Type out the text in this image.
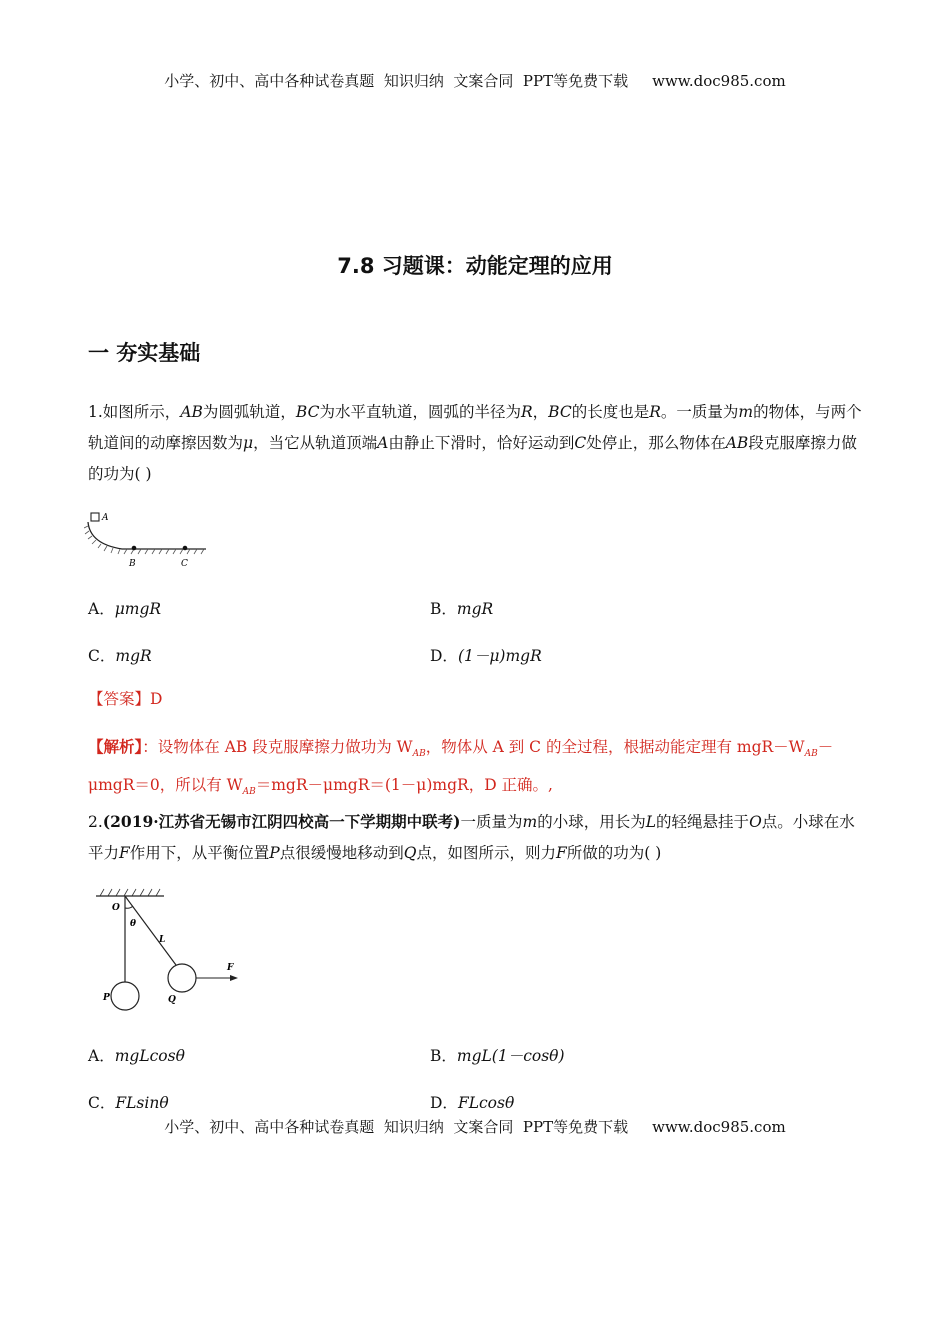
小学、初中、高中各种试卷真题  知识归纳  文案合同  PPT等免费下载 www.doc985.com
7.8 习题课：动能定理的应用
一 夯实基础
1.如图所示，AB为圆弧轨道，BC为水平直轨道，圆弧的半径为R，BC的长度也是R。一质量为m的物体，与两个轨道间的动摩擦因数为μ，当它从轨道顶端A由静止下滑时，恰好运动到C处停止，那么物体在AB段克服摩擦力做的功为( )
A
B	C
A．μmgR	B．mgR
C．mgR	D．(1－μ)mgR
【答案】D
【解析】：设物体在 AB 段克服摩擦力做功为 $W_{AB}$，物体从 A 到 C 的全过程，根据动能定理有 $mgR-W_{AB}-$
μmgR＝0，所以有 $W_{AB}=mgR-\mu mgR=(1-\mu)mgR$，D 正确。,
2.(2019·江苏省无锡市江阴四校高一下学期期中联考)一质量为m的小球，用长为L的轻绳悬挂于O点。小球在水平力F作用下，从平衡位置P点很缓慢地移动到Q点，如图所示，则力F所做的功为( )
O
θ
L
F
P	Q
A．mgLcosθ	B．mgL(1－cosθ)
C．FLsinθ	D．FLcosθ
小学、初中、高中各种试卷真题  知识归纳  文案合同  PPT等免费下载 www.doc985.com
